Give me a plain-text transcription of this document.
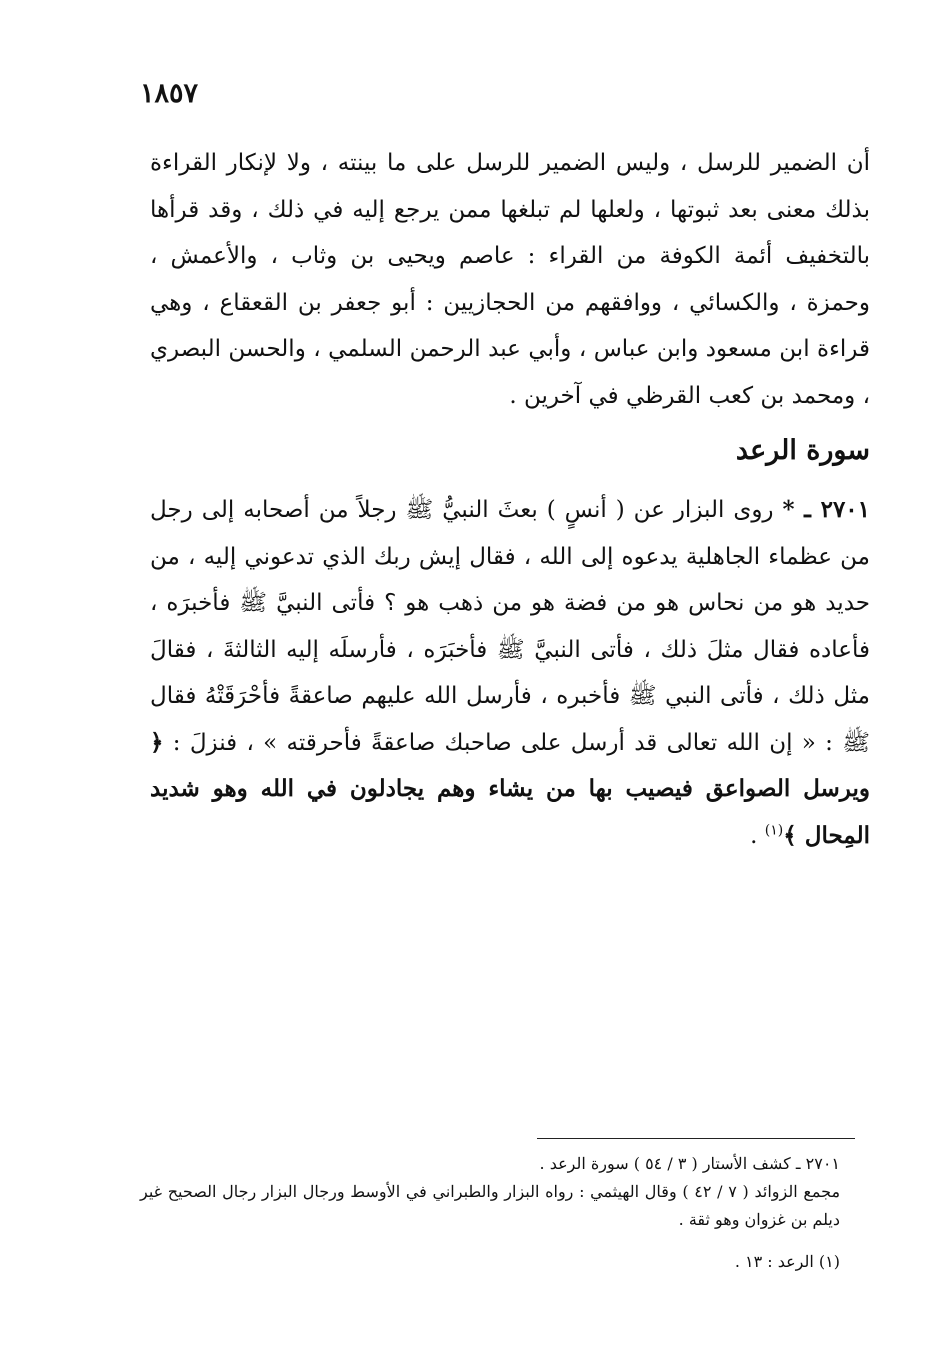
١٨٥٧

أن الضمير للرسل ، وليس الضمير للرسل على ما بينته ، ولا لإنكار القراءة بذلك معنى بعد ثبوتها ، ولعلها لم تبلغها ممن يرجع إليه في ذلك ، وقد قرأها بالتخفيف أئمة الكوفة من القراء : عاصم ويحيى بن وثاب ، والأعمش ، وحمزة ، والكسائي ، ووافقهم من الحجازيين : أبو جعفر بن القعقاع ، وهي قراءة ابن مسعود وابن عباس ، وأبي عبد الرحمن السلمي ، والحسن البصري ، ومحمد بن كعب القرظي في آخرين .

سورة الرعد

٢٧٠١ ـ * روى البزار عن ( أنسٍ ) بعثَ النبيُّ ﷺ رجلاً من أصحابه إلى رجل من عظماء الجاهلية يدعوه إلى الله ، فقال إيش ربك الذي تدعوني إليه ، من حديد هو من نحاس هو من فضة هو من ذهب هو ؟ فأتى النبيَّ ﷺ فأخبرَه ، فأعاده فقال مثلَ ذلك ، فأتى النبيَّ ﷺ فأخبَرَه ، فأرسلَه إليه الثالثةَ ، فقالَ مثل ذلك ، فأتى النبي ﷺ فأخبره ، فأرسل الله عليهم صاعقةً فأحْرَقَتْهُ فقال ﷺ : « إن الله تعالى قد أرسل على صاحبك صاعقةً فأحرقته » ، فنزلَ : ﴿ ويرسل الصواعق فيصيب بها من يشاء وهم يجادلون في الله وهو شديد المِحال ﴾$^{(١)}$ .

٢٧٠١ ـ كشف الأستار ( ٣ / ٥٤ ) سورة الرعد .

مجمع الزوائد ( ٧ / ٤٢ ) وقال الهيثمي : رواه البزار والطبراني في الأوسط ورجال البزار رجال الصحيح غير ديلم بن غزوان وهو ثقة .

(١) الرعد : ١٣ .
